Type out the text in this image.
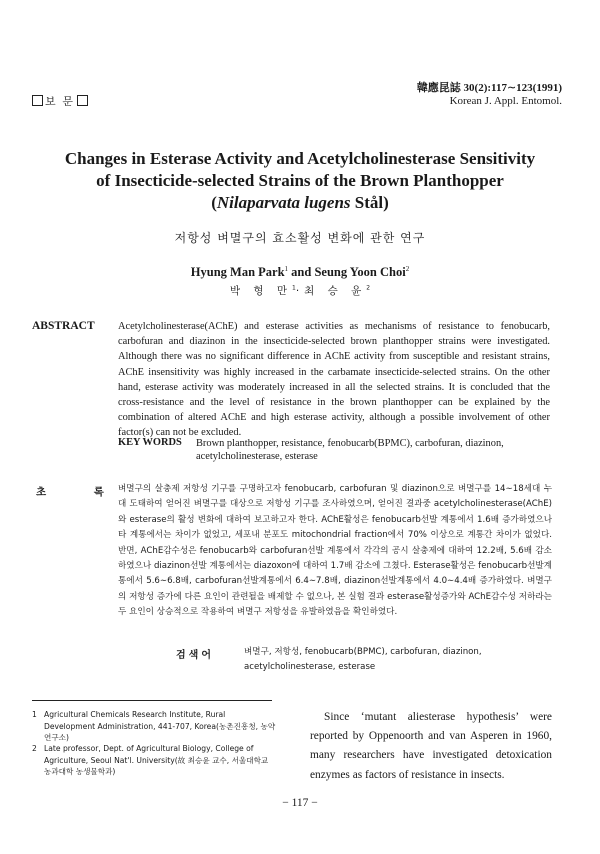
보 문
韓應昆誌 30(2):117∼123(1991)
Korean J. Appl. Entomol.
Changes in Esterase Activity and Acetylcholinesterase Sensitivity
of Insecticide-selected Strains of the Brown Planthopper
(Nilaparvata lugens Stål)
저항성 벼멸구의 효소활성 변화에 관한 연구
Hyung Man Park$^1$ and Seung Yoon Choi$^2$
박 형 만$^1$·최 승 윤$^2$
ABSTRACT Acetylcholinesterase(AChE) and esterase activities as mechanisms of resistance to fenobucarb, carbofuran and diazinon in the insecticide-selected brown planthopper strains were investigated. Although there was no significant difference in AChE activity from susceptible and resistant strains, AChE insensitivity was highly increased in the carbamate insecticide-selected strains. On the other hand, esterase activity was moderately increased in all the selected strains. It is concluded that the cross-resistance and the level of resistance in the brown planthopper can be explained by the combination of altered AChE and high esterase activity, although a possible involvement of other factor(s) can not be excluded.
KEY WORDS Brown planthopper, resistance, fenobucarb(BPMC), carbofuran, diazinon, acetylcholinesterase, esterase
초 록
벼멸구의 살충제 저항성 기구를 구명하고자 fenobucarb, carbofuran 및 diazinon으로 벼멸구를 14∼18세대 누대 도태하여 얻어진 벼멸구를 대상으로 저항성 기구를 조사하였으며, 얻어진 결과중 acetylcholinesterase(AChE)와 esterase의 활성 변화에 대하여 보고하고자 한다. AChE활성은 fenobucarb선발 계통에서 1.6배 증가하였으나 타 계통에서는 차이가 없었고, 세포내 분포도 mitochondrial fraction에서 70% 이상으로 계통간 차이가 없었다. 반면, AChE감수성은 fenobucarb와 carbofuran선발 계통에서 각각의 공시 살충제에 대하여 12.2배, 5.6배 감소하였으나 diazinon선발 계통에서는 diazoxon에 대하여 1.7배 감소에 그쳤다. Esterase활성은 fenobucarb선발계통에서 5.6∼6.8배, carbofuran선발계통에서 6.4∼7.8배, diazinon선발계통에서 4.0∼4.4배 증가하였다. 벼멸구의 저항성 증가에 다른 요인이 관련될을 배제할 수 없으나, 본 실험 결과 esterase활성증가와 AChE감수성 저하라는 두 요인이 상승적으로 작용하여 벼멸구 저항성을 유발하였음을 확인하였다.
검색어	벼멸구, 저항성, fenobucarb(BPMC), carbofuran, diazinon, acetylcholinesterase, esterase
1 Agricultural Chemicals Research Institute, Rural Development Administration, 441-707, Korea(농촌진흥청, 농약연구소)
2 Late professor, Dept. of Agricultural Biology, College of Agriculture, Seoul Nat'l. University(故 최승윤 교수, 서울대학교 농과대학 농생물학과)
Since ‘mutant aliesterase hypothesis’ were reported by Oppenoorth and van Asperen in 1960, many researchers have investigated detoxication enzymes as factors of resistance in insects.
− 117 −
